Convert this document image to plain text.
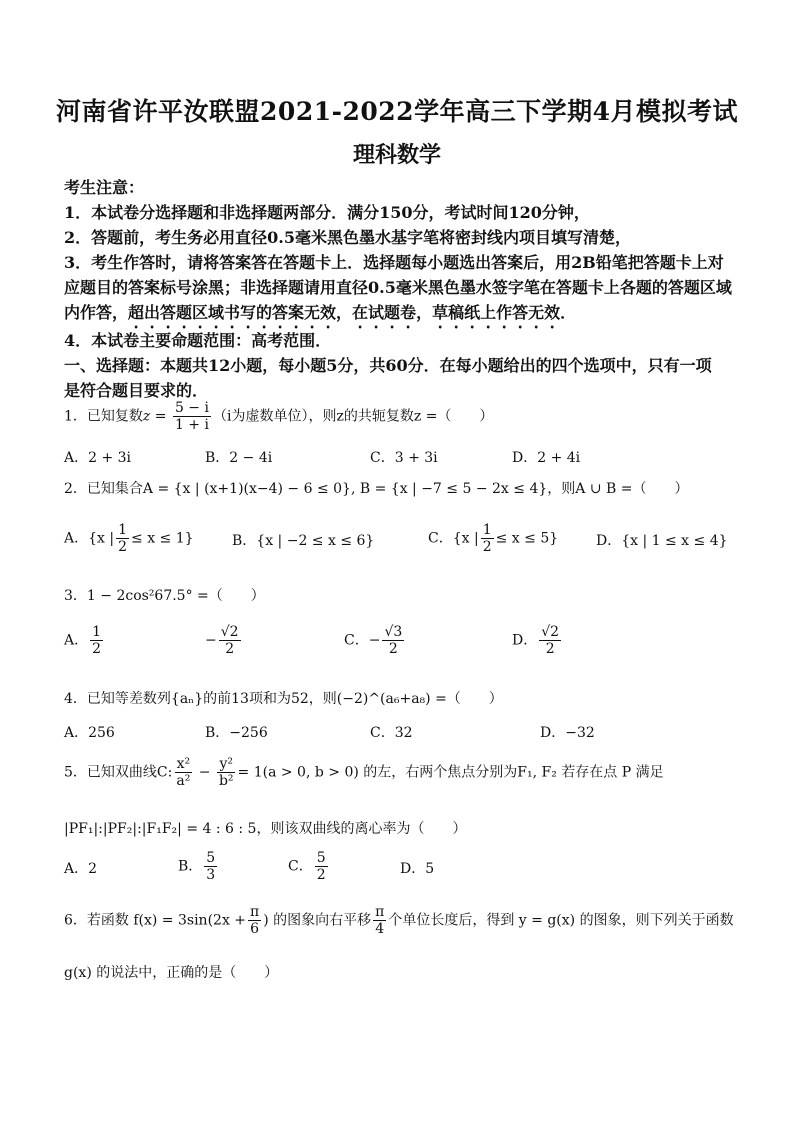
河南省许平汝联盟2021-2022学年高三下学期4月模拟考试
理科数学
考生注意：
1．本试卷分选择题和非选择题两部分．满分150分，考试时间120分钟，
2．答题前，考生务必用直径0.5毫米黑色墨水基字笔将密封线内项目填写清楚，
3．考生作答时，请将答案答在答题卡上．选择题每小题选出答案后，用2B铅笔把答题卡上对
应题目的答案标号涂黑；非选择题请用直径0.5毫米黑色墨水签字笔在答题卡上各题的答题区域
内作答，超出答题区域书写的答案无效，在试题卷，草稿纸上作答无效．
4．本试卷主要命题范围：高考范围．
一、选择题：本题共12小题，每小题5分，共60分．在每小题给出的四个选项中，只有一项
是符合题目要求的．
1．已知复数$z = \frac{5 - i}{1 + i} (i$为虚数单位），则z的共轭复数z =（　　）
A．2 + 3i	B．2 − 4i	C．3 + 3i	D．2 + 4i
2．已知集合A = {x | (x+1)(x−4) − 6 ≤ 0}, B = {x | −7 ≤ 5 − 2x ≤ 4}，则A ∪ B =（　　）
A．{x | $\frac{1}{2} \le x \le 1$}	B．{x | −2 ≤ x ≤ 6}	C．{x | $\frac{1}{2} \le x \le 5$}	D．{x | 1 ≤ x ≤ 4}
3．1 − 2cos²67.5° =（　　）
A． $\frac{1}{2}$	− $\frac{√2}{2}$	C．− $\frac{√3}{2}$	D． $\frac{√2}{2}$
4．已知等差数列{aₙ}的前13项和为52，则(−2)^(a₆+a₈) =（　　）
A．256	B．−256	C．32	D．−32
5．已知双曲线C: $\frac{\text{x²}}{\text{a²}} - \frac{\text{y²}}{\text{b²}} = 1(a > 0$, b > 0) 的左，右两个焦点分别为F₁, F₂ 若存在点 P 满足
|PF₁|:|PF₂|:|F₁F₂| = 4 : 6 : 5，则该双曲线的离心率为（　　）
A．2	B． $\frac{5}{3}$	C． $\frac{5}{2}$	D．5
6．若函数 $f(x) = 3\sin(2x + \frac{\pi}{6}$ ) 的图象向右平移 $\frac{\pi}{4}$ 个单位长度后，得到 y = g(x) 的图象，则下列关于函数
g(x) 的说法中，正确的是（　　）
